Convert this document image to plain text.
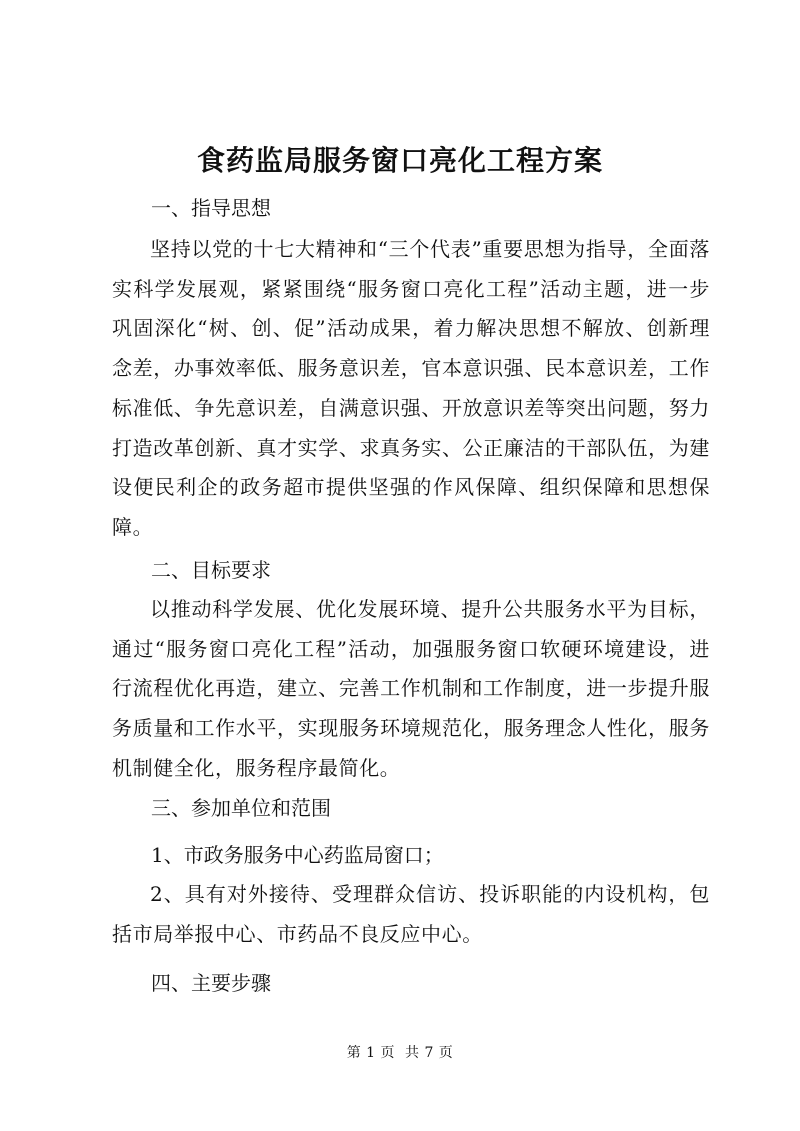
食药监局服务窗口亮化工程方案
一、指导思想
坚持以党的十七大精神和“三个代表”重要思想为指导，全面落实科学发展观，紧紧围绕“服务窗口亮化工程”活动主题，进一步巩固深化“树、创、促”活动成果，着力解决思想不解放、创新理念差，办事效率低、服务意识差，官本意识强、民本意识差，工作标准低、争先意识差，自满意识强、开放意识差等突出问题，努力打造改革创新、真才实学、求真务实、公正廉洁的干部队伍，为建设便民利企的政务超市提供坚强的作风保障、组织保障和思想保障。
二、目标要求
以推动科学发展、优化发展环境、提升公共服务水平为目标，通过“服务窗口亮化工程”活动，加强服务窗口软硬环境建设，进行流程优化再造，建立、完善工作机制和工作制度，进一步提升服务质量和工作水平，实现服务环境规范化，服务理念人性化，服务机制健全化，服务程序最简化。
三、参加单位和范围
1、市政务服务中心药监局窗口；
2、具有对外接待、受理群众信访、投诉职能的内设机构，包括市局举报中心、市药品不良反应中心。
四、主要步骤
第 1 页 共 7 页
